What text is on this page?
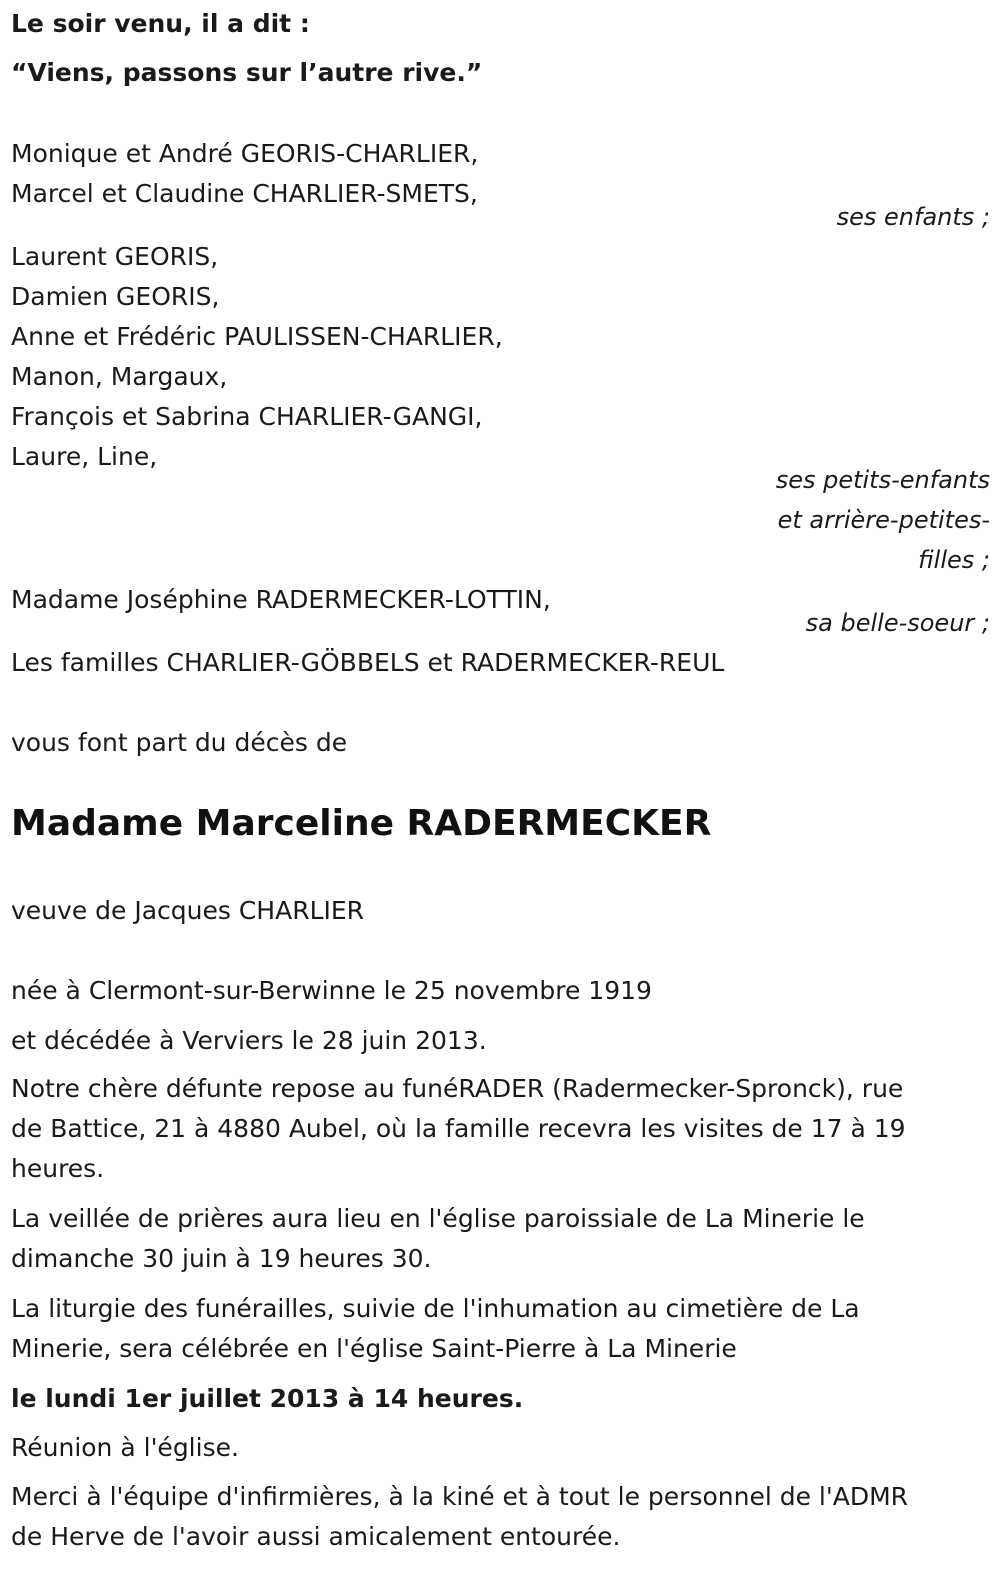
Le soir venu, il a dit :
“Viens, passons sur l’autre rive.”
Monique et André GEORIS-CHARLIER,
Marcel et Claudine CHARLIER-SMETS,
ses enfants ;
Laurent GEORIS,
Damien GEORIS,
Anne et Frédéric PAULISSEN-CHARLIER,
Manon, Margaux,
François et Sabrina CHARLIER-GANGI,
Laure, Line,
ses petits-enfants
et arrière-petites-
filles ;
Madame Joséphine RADERMECKER-LOTTIN,
sa belle-soeur ;
Les familles CHARLIER-GÖBBELS et RADERMECKER-REUL
vous font part du décès de
Madame Marceline RADERMECKER
veuve de Jacques CHARLIER
née à Clermont-sur-Berwinne le 25 novembre 1919
et décédée à Verviers le 28 juin 2013.
Notre chère défunte repose au funéRADER (Radermecker-Spronck), rue
de Battice, 21 à 4880 Aubel, où la famille recevra les visites de 17 à 19
heures.
La veillée de prières aura lieu en l'église paroissiale de La Minerie le
dimanche 30 juin à 19 heures 30.
La liturgie des funérailles, suivie de l'inhumation au cimetière de La
Minerie, sera célébrée en l'église Saint-Pierre à La Minerie
le lundi 1er juillet 2013 à 14 heures.
Réunion à l'église.
Merci à l'équipe d'infirmières, à la kiné et à tout le personnel de l'ADMR
de Herve de l'avoir aussi amicalement entourée.
